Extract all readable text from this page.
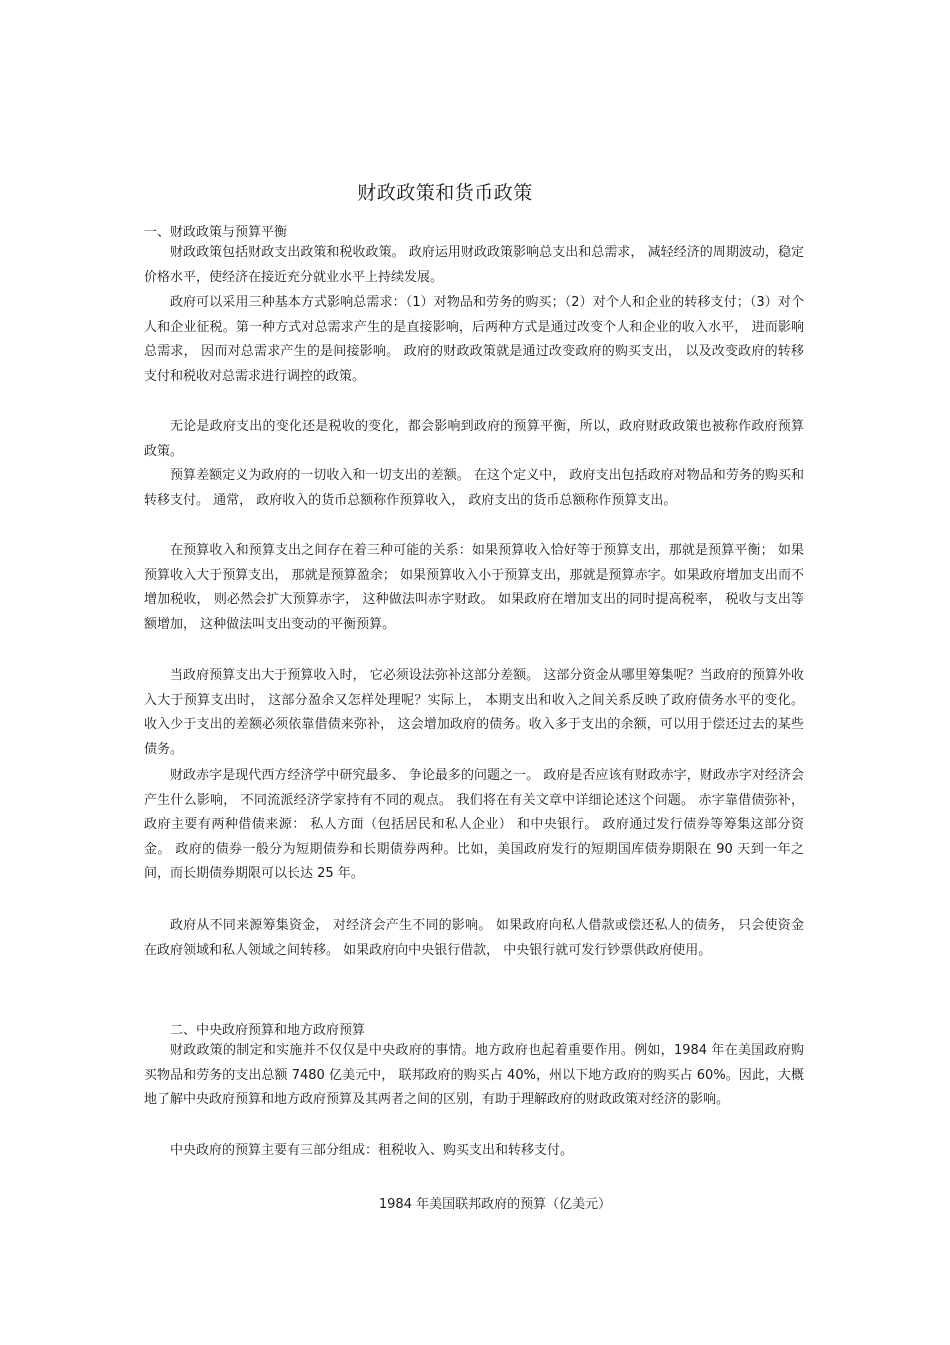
财政政策和货币政策
一、财政政策与预算平衡

财政政策包括财政支出政策和税收政策。 政府运用财政政策影响总支出和总需求， 减轻经济的周期波动，稳定价格水平，使经济在接近充分就业水平上持续发展。

政府可以采用三种基本方式影响总需求：（1）对物品和劳务的购买；（2）对个人和企业的转移支付；（3）对个人和企业征税。第一种方式对总需求产生的是直接影响，后两种方式是通过改变个人和企业的收入水平， 进而影响总需求， 因而对总需求产生的是间接影响。 政府的财政政策就是通过改变政府的购买支出， 以及改变政府的转移支付和税收对总需求进行调控的政策。

无论是政府支出的变化还是税收的变化，都会影响到政府的预算平衡，所以，政府财政政策也被称作政府预算政策。

预算差额定义为政府的一切收入和一切支出的差额。 在这个定义中， 政府支出包括政府对物品和劳务的购买和转移支付。 通常， 政府收入的货币总额称作预算收入， 政府支出的货币总额称作预算支出。

在预算收入和预算支出之间存在着三种可能的关系：如果预算收入恰好等于预算支出，那就是预算平衡； 如果预算收入大于预算支出， 那就是预算盈余； 如果预算收入小于预算支出，那就是预算赤字。如果政府增加支出而不增加税收， 则必然会扩大预算赤字， 这种做法叫赤字财政。 如果政府在增加支出的同时提高税率， 税收与支出等额增加， 这种做法叫支出变动的平衡预算。

当政府预算支出大于预算收入时， 它必须设法弥补这部分差额。 这部分资金从哪里筹集呢？当政府的预算外收入大于预算支出时， 这部分盈余又怎样处理呢？实际上， 本期支出和收入之间关系反映了政府债务水平的变化。 收入少于支出的差额必须依靠借债来弥补， 这会增加政府的债务。收入多于支出的余额，可以用于偿还过去的某些债务。

财政赤字是现代西方经济学中研究最多、 争论最多的问题之一。 政府是否应该有财政赤字，财政赤字对经济会产生什么影响， 不同流派经济学家持有不同的观点。 我们将在有关文章中详细论述这个问题。 赤字靠借债弥补，政府主要有两种借债来源： 私人方面（包括居民和私人企业） 和中央银行。 政府通过发行债券等筹集这部分资金。 政府的债券一般分为短期债券和长期债券两种。比如，美国政府发行的短期国库债券期限在 90 天到一年之间，而长期债券期限可以长达 25 年。

政府从不同来源筹集资金， 对经济会产生不同的影响。 如果政府向私人借款或偿还私人的债务， 只会使资金在政府领域和私人领域之间转移。 如果政府向中央银行借款， 中央银行就可发行钞票供政府使用。

二、中央政府预算和地方政府预算

财政政策的制定和实施并不仅仅是中央政府的事情。地方政府也起着重要作用。例如，1984 年在美国政府购买物品和劳务的支出总额 7480 亿美元中， 联邦政府的购买占 40%，州以下地方政府的购买占 60%。因此，大概地了解中央政府预算和地方政府预算及其两者之间的区别，有助于理解政府的财政政策对经济的影响。

中央政府的预算主要有三部分组成：租税收入、购买支出和转移支付。

1984 年美国联邦政府的预算（亿美元）
